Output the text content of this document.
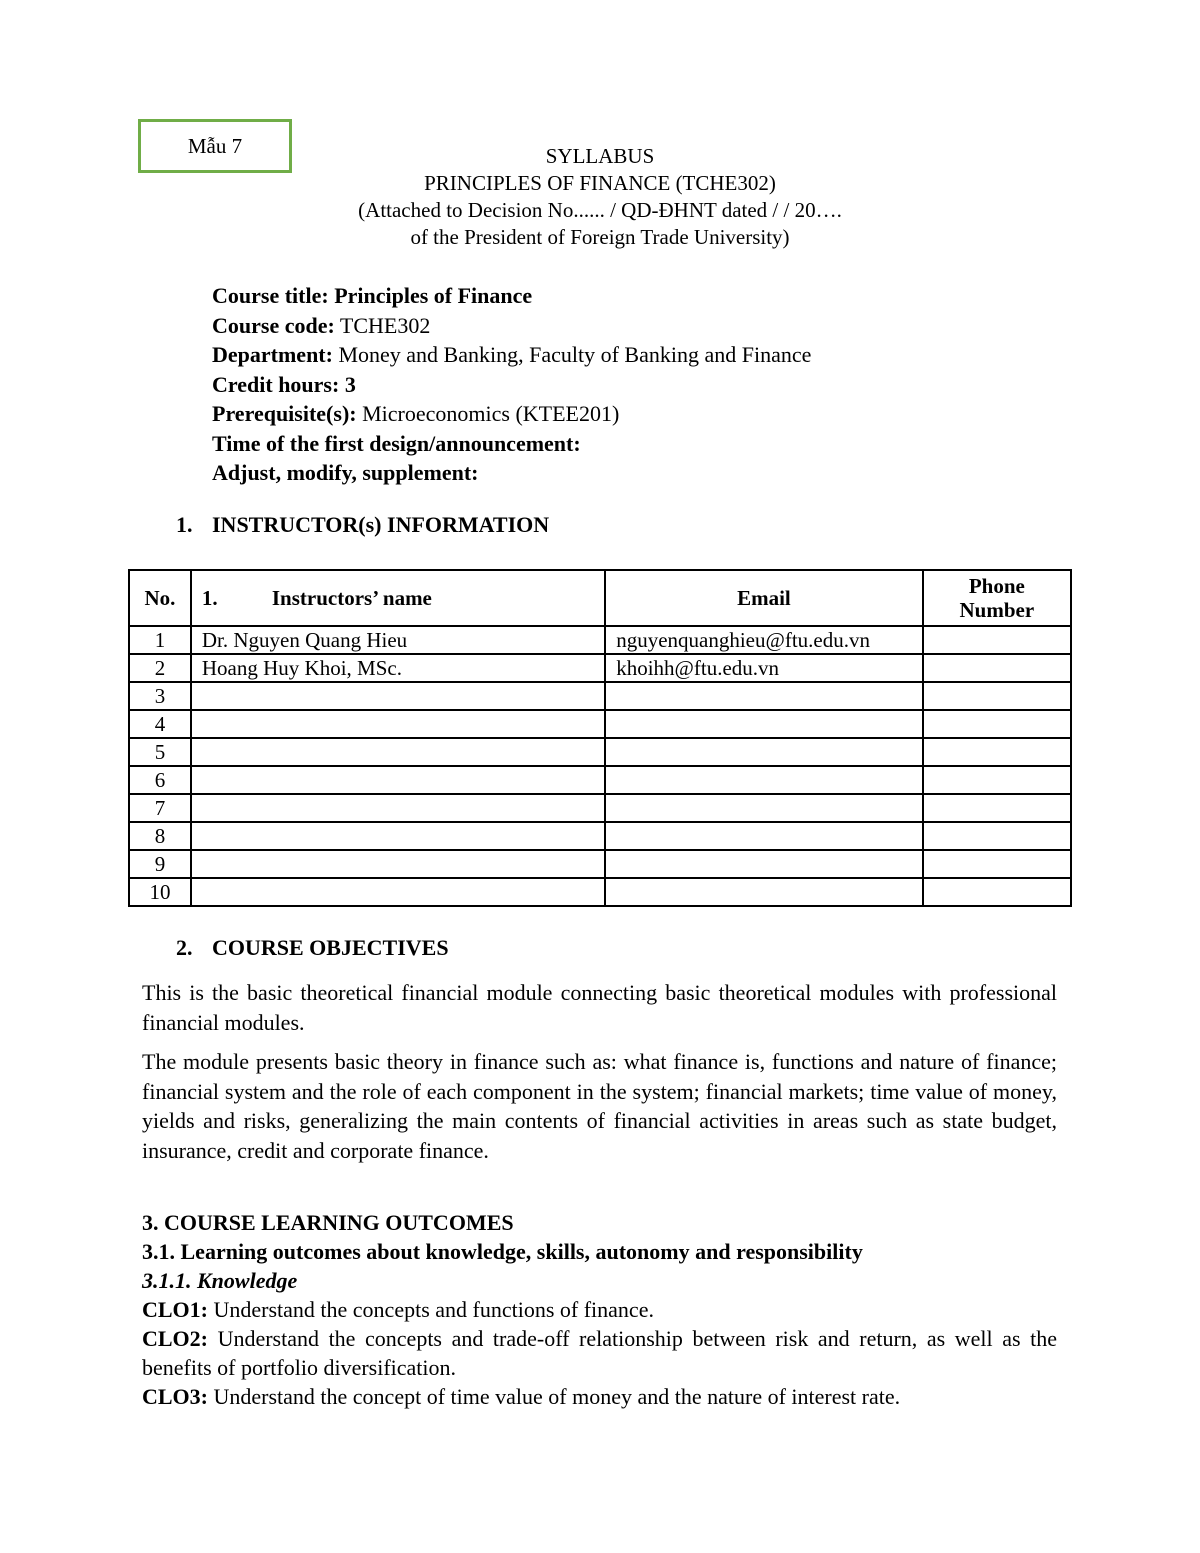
Mẫu 7	SYLLABUS
PRINCIPLES OF FINANCE (TCHE302)
(Attached to Decision No...... / QD-ĐHNT dated / / 20….
of the President of Foreign Trade University)
Course title: Principles of Finance
Course code: TCHE302
Department: Money and Banking, Faculty of Banking and Finance
Credit hours: 3
Prerequisite(s): Microeconomics (KTEE201)
Time of the first design/announcement:
Adjust, modify, supplement:
1. INSTRUCTOR(s) INFORMATION
No.	1. Instructors’ name	Email	Phone Number
1	Dr. Nguyen Quang Hieu	nguyenquanghieu@ftu.edu.vn	
2	Hoang Huy Khoi, MSc.	khoihh@ftu.edu.vn	
3			
4			
5			
6			
7			
8			
9			
10			
2. COURSE OBJECTIVES
This is the basic theoretical financial module connecting basic theoretical modules with professional financial modules.
The module presents basic theory in finance such as: what finance is, functions and nature of finance; financial system and the role of each component in the system; financial markets; time value of money, yields and risks, generalizing the main contents of financial activities in areas such as state budget, insurance, credit and corporate finance.
3. COURSE LEARNING OUTCOMES
3.1. Learning outcomes about knowledge, skills, autonomy and responsibility
3.1.1. Knowledge
CLO1: Understand the concepts and functions of finance.
CLO2: Understand the concepts and trade-off relationship between risk and return, as well as the benefits of portfolio diversification.
CLO3: Understand the concept of time value of money and the nature of interest rate.
